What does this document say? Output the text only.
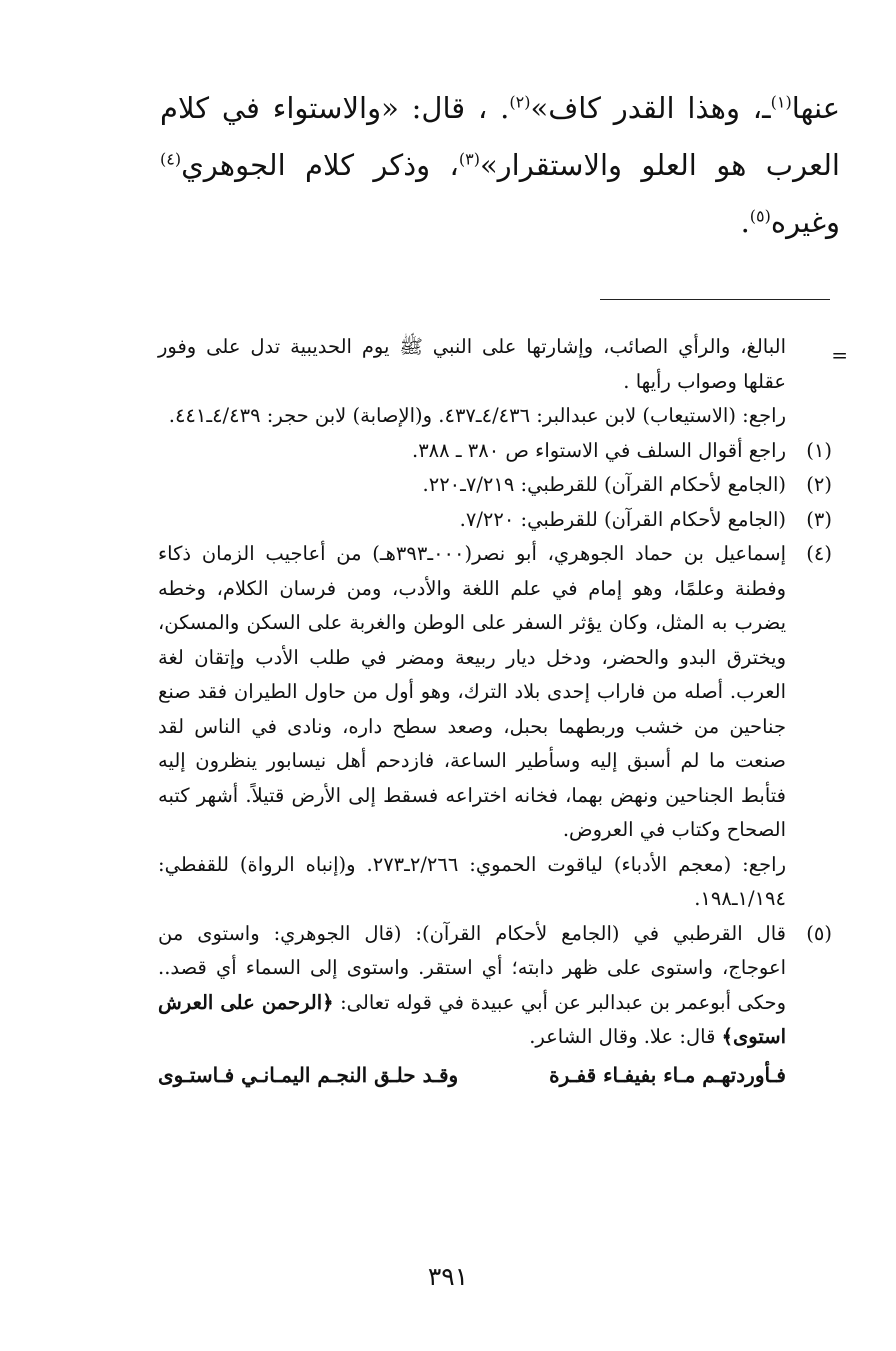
عنها$^{(١)}$ـ، وهذا القدر كاف»$^{(٢)}$. ، قال: «والاستواء في كلام العرب هو العلو والاستقرار»$^{(٣)}$، وذكر كلام الجوهري$^{(٤)}$ وغيره$^{(٥)}$.

=

البالغ، والرأي الصائب، وإشارتها على النبي ﷺ يوم الحديبية تدل على وفور عقلها وصواب رأيها .

راجع: (الاستيعاب) لابن عبدالبر: ٤/٤٣٦ـ٤٣٧. و(الإصابة) لابن حجر: ٤/٤٣٩ـ٤٤١.

(١)

راجع أقوال السلف في الاستواء ص ٣٨٠ ـ ٣٨٨.

(٢)

(الجامع لأحكام القرآن) للقرطبي: ٧/٢١٩ـ٢٢٠.

(٣)

(الجامع لأحكام القرآن) للقرطبي: ٧/٢٢٠.

(٤)

إسماعيل بن حماد الجوهري، أبو نصر(٠٠٠ـ٣٩٣هـ) من أعاجيب الزمان ذكاء وفطنة وعلمًا، وهو إمام في علم اللغة والأدب، ومن فرسان الكلام، وخطه يضرب به المثل، وكان يؤثر السفر على الوطن والغربة على السكن والمسكن، ويخترق البدو والحضر، ودخل ديار ربيعة ومضر في طلب الأدب وإتقان لغة العرب. أصله من فاراب إحدى بلاد الترك، وهو أول من حاول الطيران فقد صنع جناحين من خشب وربطهما بحبل، وصعد سطح داره، ونادى في الناس لقد صنعت ما لم أسبق إليه وسأطير الساعة، فازدحم أهل نيسابور ينظرون إليه فتأبط الجناحين ونهض بهما، فخانه اختراعه فسقط إلى الأرض قتيلاً. أشهر كتبه الصحاح وكتاب في العروض.

راجع: (معجم الأدباء) لياقوت الحموي: ٢/٢٦٦ـ٢٧٣. و(إنباه الرواة) للقفطي: ١/١٩٤ـ١٩٨.

(٥)

قال القرطبي في (الجامع لأحكام القرآن): (قال الجوهري: واستوى من اعوجاج، واستوى على ظهر دابته؛ أي استقر. واستوى إلى السماء أي قصد.. وحكى أبوعمر بن عبدالبر عن أبي عبيدة في قوله تعالى: ﴿الرحمن على العرش استوى﴾ قال: علا. وقال الشاعر.

فـأوردتهـم مـاء بفيفـاء قفـرة
وقـد حلـق النجـم اليمـانـي فـاستـوى
٣٩١
